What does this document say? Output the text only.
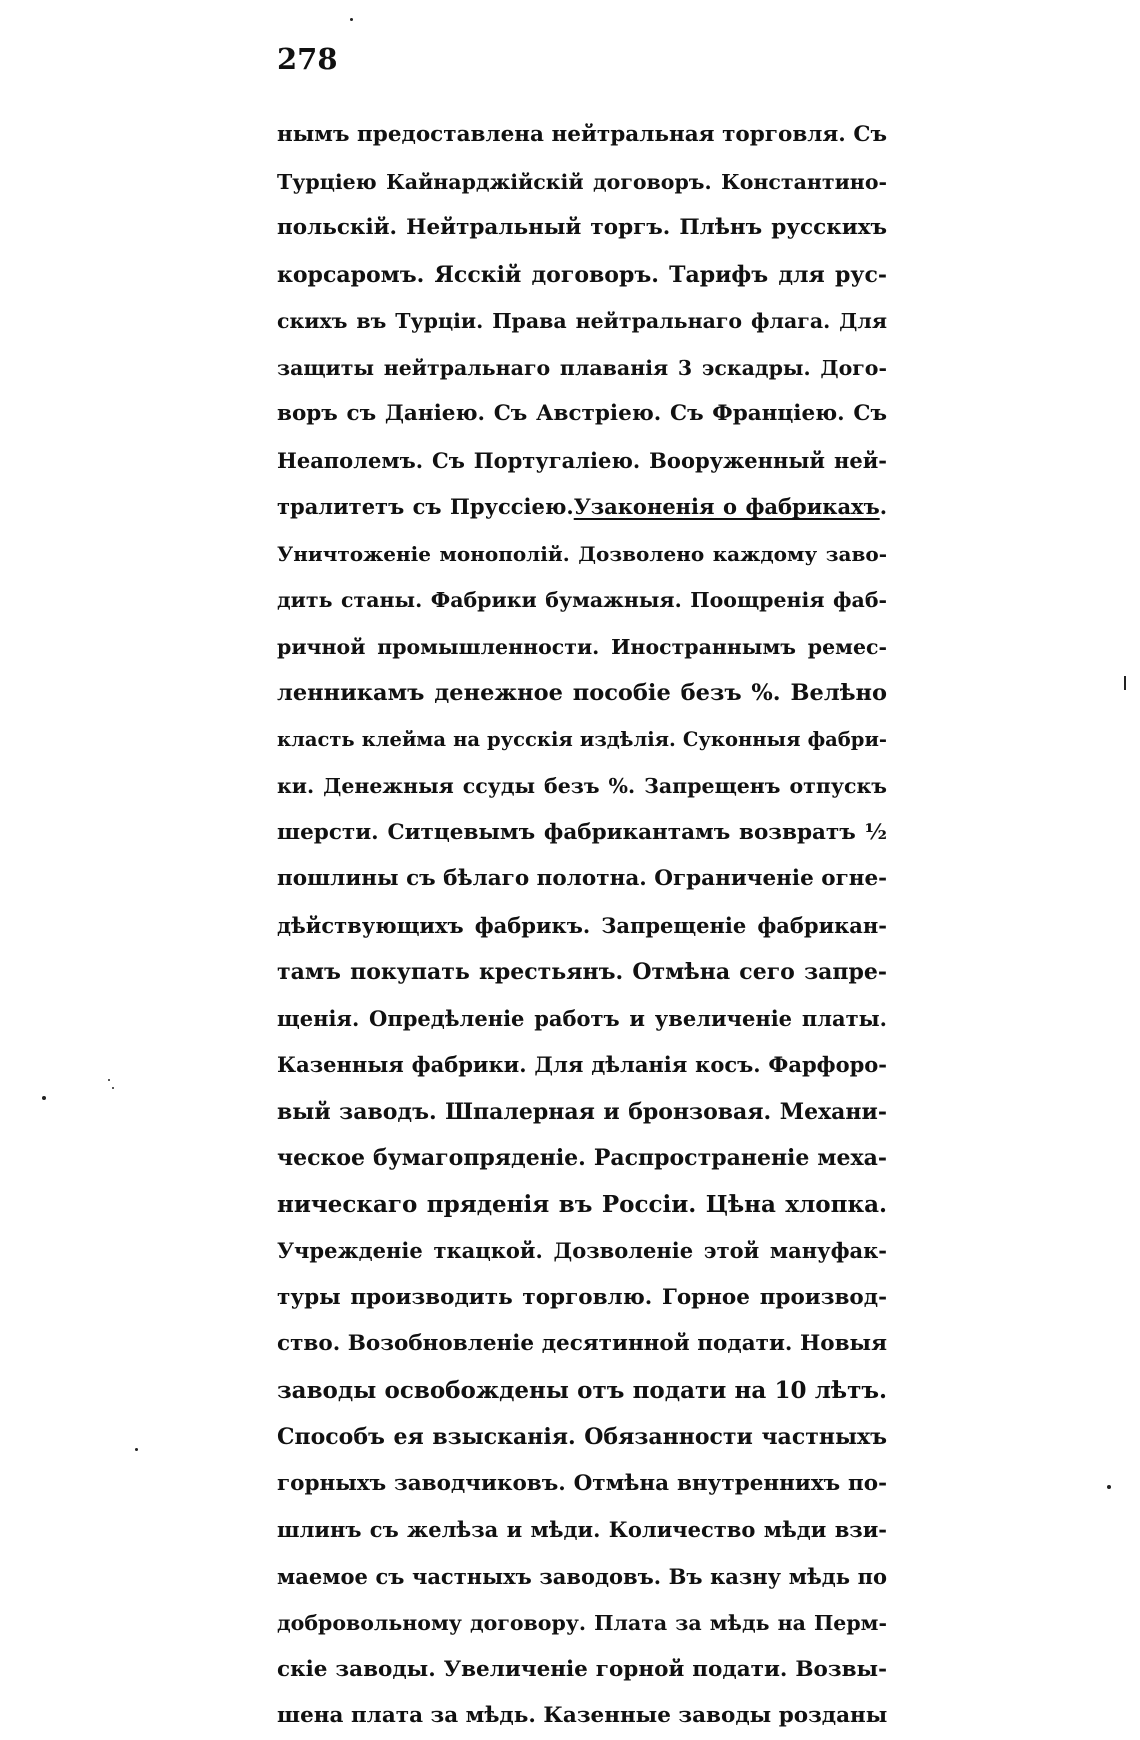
278
нымъ предоставлена нейтральная торговля. Съ
Турціею Кайнарджійскій договоръ. Константино-
польскій. Нейтральный торгъ. Плѣнъ русскихъ
корсаромъ. Ясскій договоръ. Тарифъ для рус-
скихъ въ Турціи. Права нейтральнаго флага. Для
защиты нейтральнаго плаванія 3 эскадры. Дого-
воръ съ Даніею. Съ Австріею. Съ Франціею. Съ
Неаполемъ. Съ Португаліею. Вооруженный ней-
тралитетъ съ Пруссіею.Узаконенія о фабрикахъ.
Уничтоженіе монополій. Дозволено каждому заво-
дить станы. Фабрики бумажныя. Поощренія фаб-
ричной промышленности. Иностраннымъ ремес-
ленникамъ денежное пособіе безъ %. Велѣно
класть клейма на русскія издѣлія. Суконныя фабри-
ки. Денежныя ссуды безъ %. Запрещенъ отпускъ
шерсти. Ситцевымъ фабрикантамъ возвратъ ½
пошлины съ бѣлаго полотна. Ограниченіе огне-
дѣйствующихъ фабрикъ. Запрещеніе фабрикан-
тамъ покупать крестьянъ. Отмѣна сего запре-
щенія. Опредѣленіе работъ и увеличеніе платы.
Казенныя фабрики. Для дѣланія косъ. Фарфоро-
вый заводъ. Шпалерная и бронзовая. Механи-
ческое бумагопряденіе. Распространеніе меха-
ническаго пряденія въ Россіи. Цѣна хлопка.
Учрежденіе ткацкой. Дозволеніе этой мануфак-
туры производить торговлю. Горное производ-
ство. Возобновленіе десятинной подати. Новыя
заводы освобождены отъ подати на 10 лѣтъ.
Способъ ея взысканія. Обязанности частныхъ
горныхъ заводчиковъ. Отмѣна внутреннихъ по-
шлинъ съ желѣза и мѣди. Количество мѣди взи-
маемое съ частныхъ заводовъ. Въ казну мѣдь по
добровольному договору. Плата за мѣдь на Перм-
скіе заводы. Увеличеніе горной подати. Возвы-
шена плата за мѣдь. Казенные заводы розданы
